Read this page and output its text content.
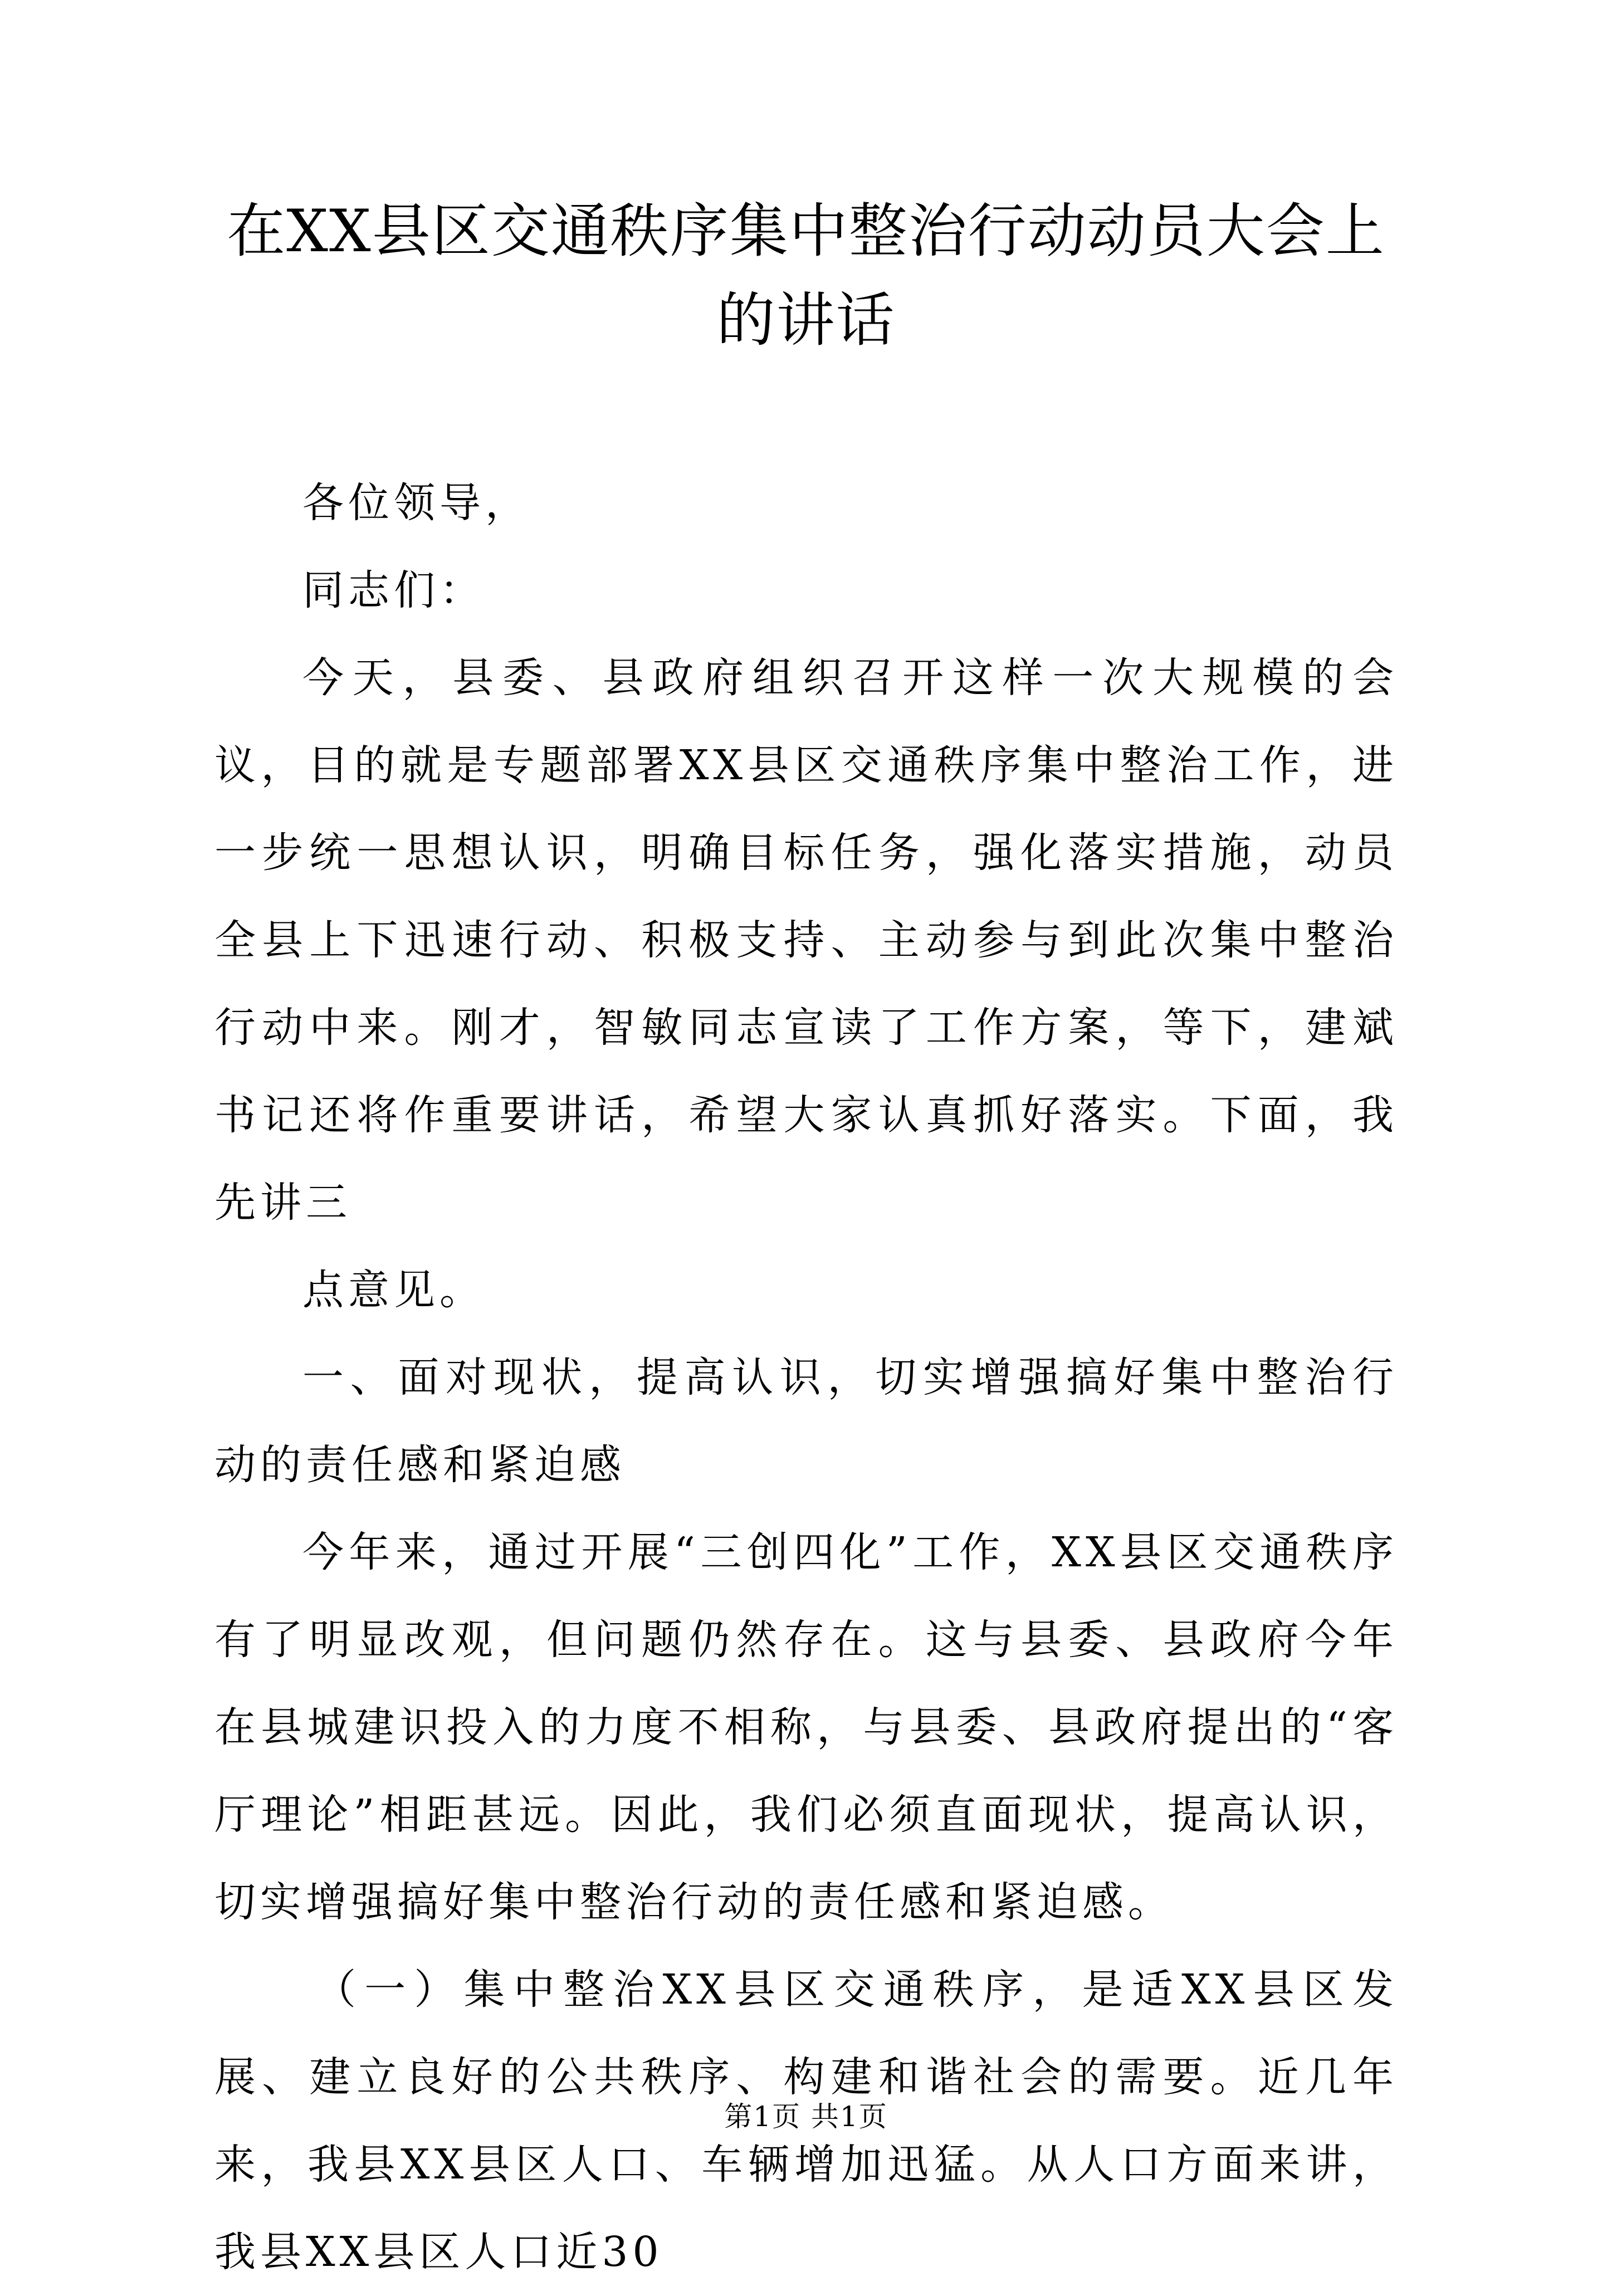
在XX县区交通秩序集中整治行动动员大会上的讲话

各位领导，

同志们：

今天，县委、县政府组织召开这样一次大规模的会议，目的就是专题部署XX县区交通秩序集中整治工作，进一步统一思想认识，明确目标任务，强化落实措施，动员全县上下迅速行动、积极支持、主动参与到此次集中整治行动中来。刚才，智敏同志宣读了工作方案，等下，建斌书记还将作重要讲话，希望大家认真抓好落实。下面，我先讲三

点意见。

一、面对现状，提高认识，切实增强搞好集中整治行动的责任感和紧迫感

今年来，通过开展“三创四化”工作，XX县区交通秩序有了明显改观，但问题仍然存在。这与县委、县政府今年在县城建识投入的力度不相称，与县委、县政府提出的“客厅理论”相距甚远。因此，我们必须直面现状，提高认识，切实增强搞好集中整治行动的责任感和紧迫感。

（一）集中整治XX县区交通秩序，是适XX县区发展、建立良好的公共秩序、构建和谐社会的需要。近几年来，我县XX县区人口、车辆增加迅猛。从人口方面来讲，我县XX县区人口近30

第1页 共1页
